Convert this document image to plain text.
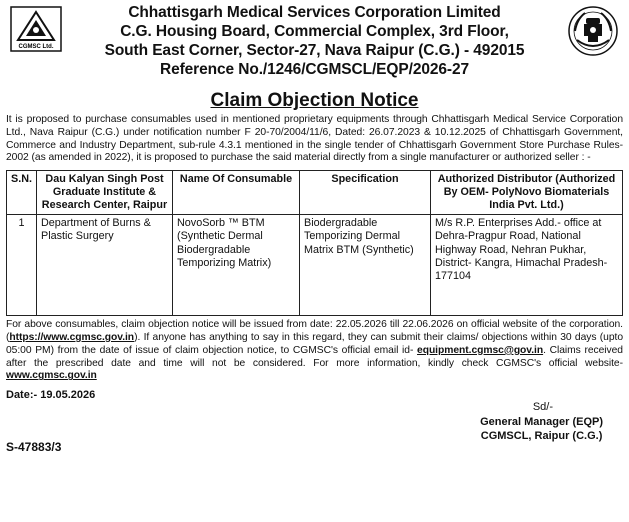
CGMSC Ltd.
Chhattisgarh Medical Services Corporation Limited
C.G. Housing Board, Commercial Complex, 3rd Floor,
South East Corner, Sector-27, Nava Raipur (C.G.) - 492015
Reference No./1246/CGMSCL/EQP/2026-27
Claim Objection Notice
It is proposed to purchase consumables used in mentioned proprietary equipments through Chhattisgarh Medical Service Corporation Ltd., Nava Raipur (C.G.) under notification number F 20-70/2004/11/6, Dated: 26.07.2023 & 10.12.2025 of Chhattisgarh Government, Commerce and Industry Department, sub-rule 4.3.1 mentioned in the single tender of Chhattisgarh Government Store Purchase Rules-2002 (as amended in 2022), it is proposed to purchase the said material directly from a single manufacturer or authorized seller : -
S.N.	Dau Kalyan Singh Post Graduate Institute & Research Center, Raipur	Name Of Consumable	Specification	Authorized Distributor (Authorized By OEM- PolyNovo Biomaterials India Pvt. Ltd.)
1	Department of Burns & Plastic Surgery	NovoSorb ™ BTM (Synthetic Dermal Biodergradable Temporizing Matrix)	Biodergradable Temporizing Dermal Matrix BTM (Synthetic)	M/s R.P. Enterprises Add.- office at Dehra-Pragpur Road, National Highway Road, Nehran Pukhar, District- Kangra, Himachal Pradesh-177104
For above consumables, claim objection notice will be issued from date: 22.05.2026 till 22.06.2026 on official website of the corporation. (https://www.cgmsc.gov.in). If anyone has anything to say in this regard, they can submit their claims/ objections within 30 days (upto 05:00 PM) from the date of issue of claim objection notice, to CGMSC's official email id- equipment.cgmsc@gov.in. Claims received after the prescribed date and time will not be considered. For more information, kindly check CGMSC's official website- www.cgmsc.gov.in
Date:- 19.05.2026
Sd/-
General Manager (EQP)
CGMSCL, Raipur (C.G.)
S-47883/3
